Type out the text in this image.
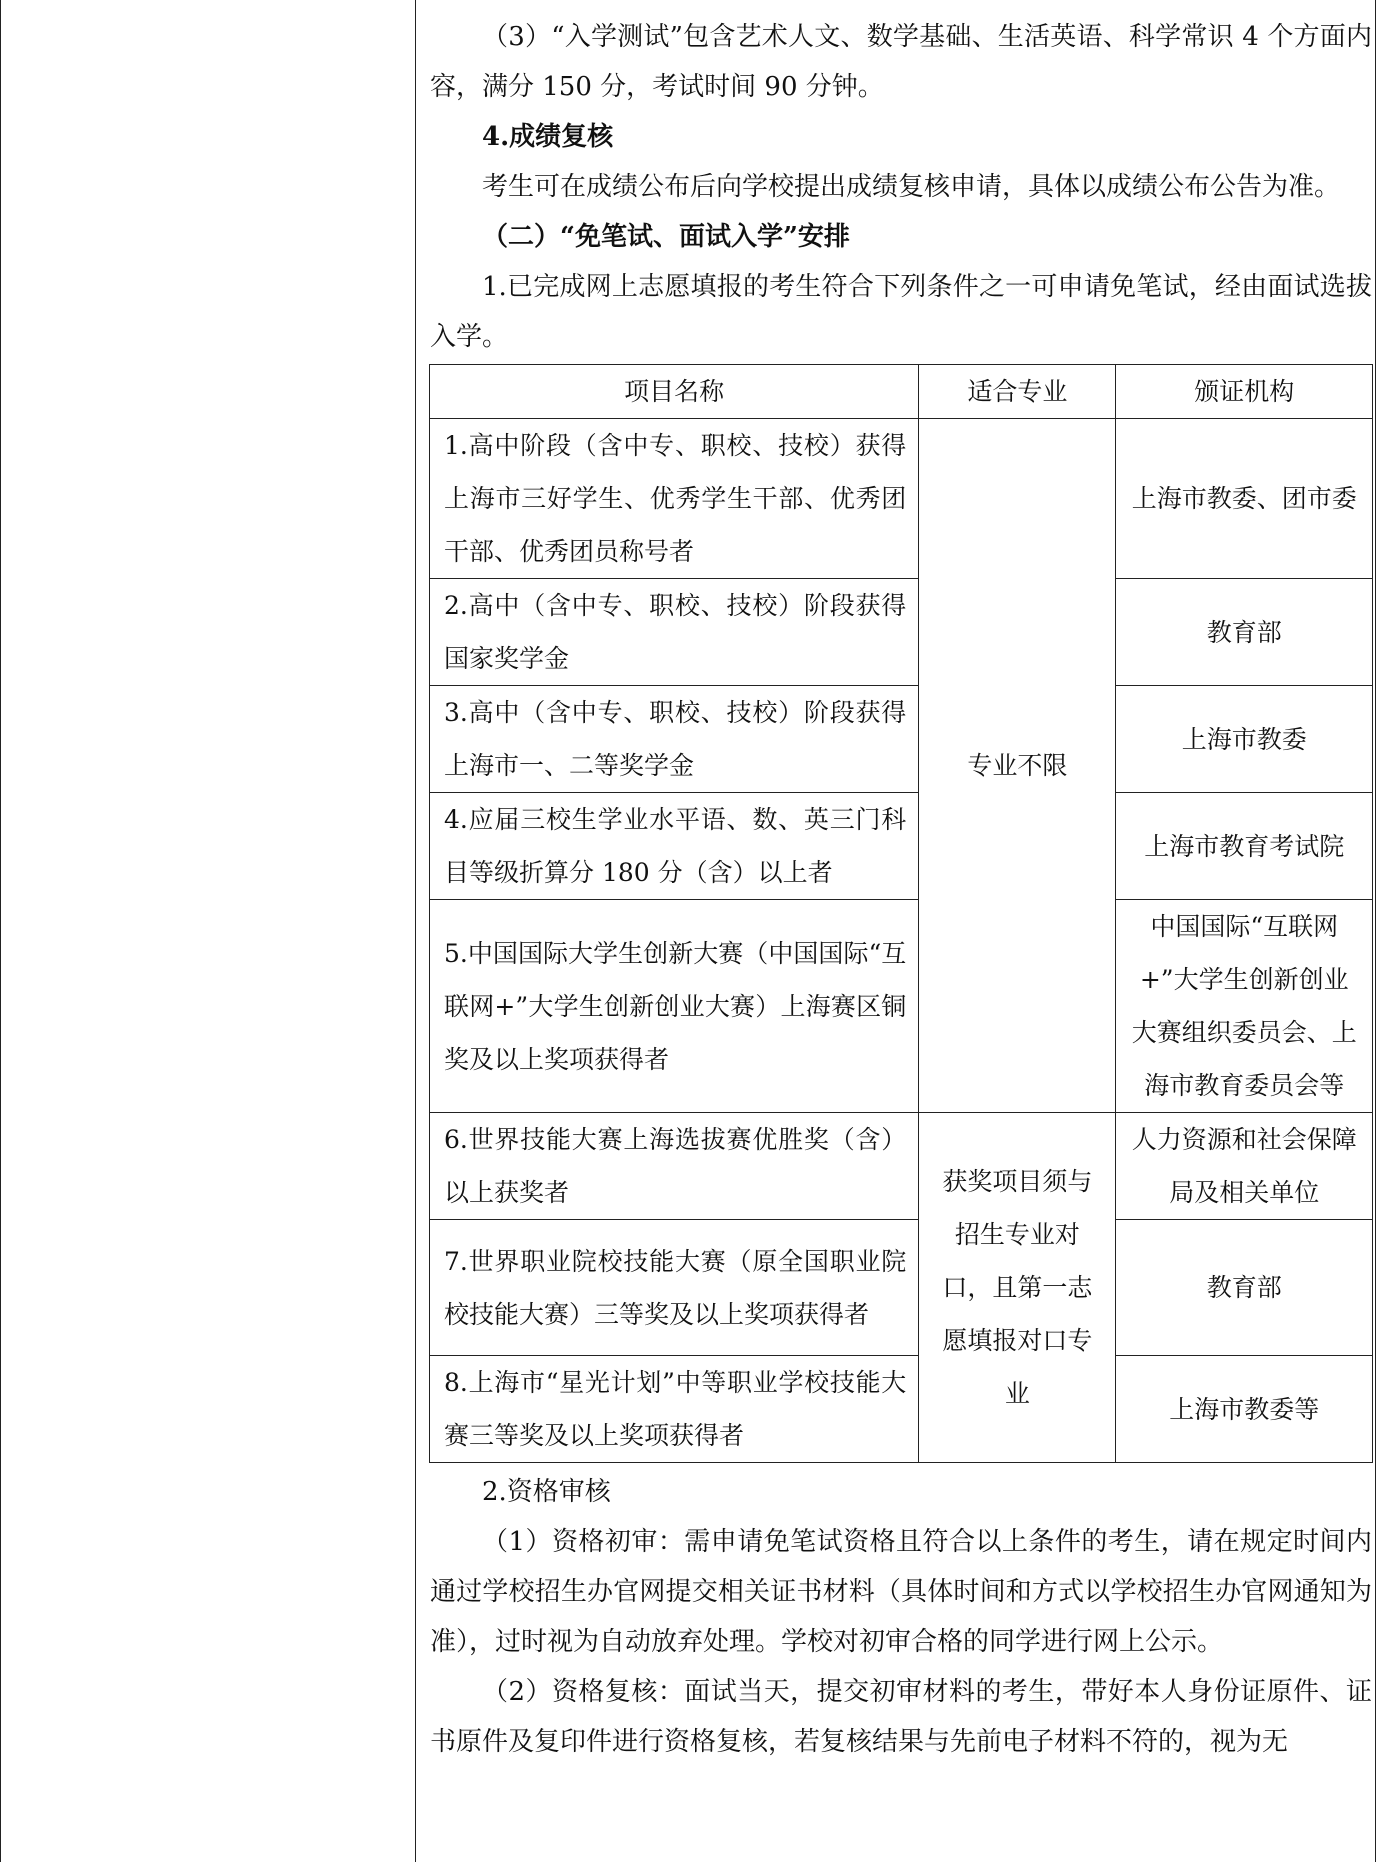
（3）“入学测试”包含艺术人文、数学基础、生活英语、科学常识 4 个方面内容，满分 150 分，考试时间 90 分钟。

4.成绩复核

考生可在成绩公布后向学校提出成绩复核申请，具体以成绩公布公告为准。

（二）“免笔试、面试入学”安排

1.已完成网上志愿填报的考生符合下列条件之一可申请免笔试，经由面试选拔入学。

项目名称	适合专业	颁证机构
1.高中阶段（含中专、职校、技校）获得上海市三好学生、优秀学生干部、优秀团干部、优秀团员称号者	专业不限	上海市教委、团市委
2.高中（含中专、职校、技校）阶段获得国家奖学金		教育部
3.高中（含中专、职校、技校）阶段获得上海市一、二等奖学金		上海市教委
4.应届三校生学业水平语、数、英三门科目等级折算分 180 分（含）以上者		上海市教育考试院
5.中国国际大学生创新大赛（中国国际“互联网+”大学生创新创业大赛）上海赛区铜奖及以上奖项获得者		中国国际“互联网+”大学生创新创业大赛组织委员会、上海市教育委员会等
6.世界技能大赛上海选拔赛优胜奖（含）以上获奖者	获奖项目须与招生专业对口，且第一志愿填报对口专业	人力资源和社会保障局及相关单位
7.世界职业院校技能大赛（原全国职业院校技能大赛）三等奖及以上奖项获得者		教育部
8.上海市“星光计划”中等职业学校技能大赛三等奖及以上奖项获得者		上海市教委等

2.资格审核

（1）资格初审：需申请免笔试资格且符合以上条件的考生，请在规定时间内通过学校招生办官网提交相关证书材料（具体时间和方式以学校招生办官网通知为准），过时视为自动放弃处理。学校对初审合格的同学进行网上公示。

（2）资格复核：面试当天，提交初审材料的考生，带好本人身份证原件、证书原件及复印件进行资格复核，若复核结果与先前电子材料不符的，视为无
